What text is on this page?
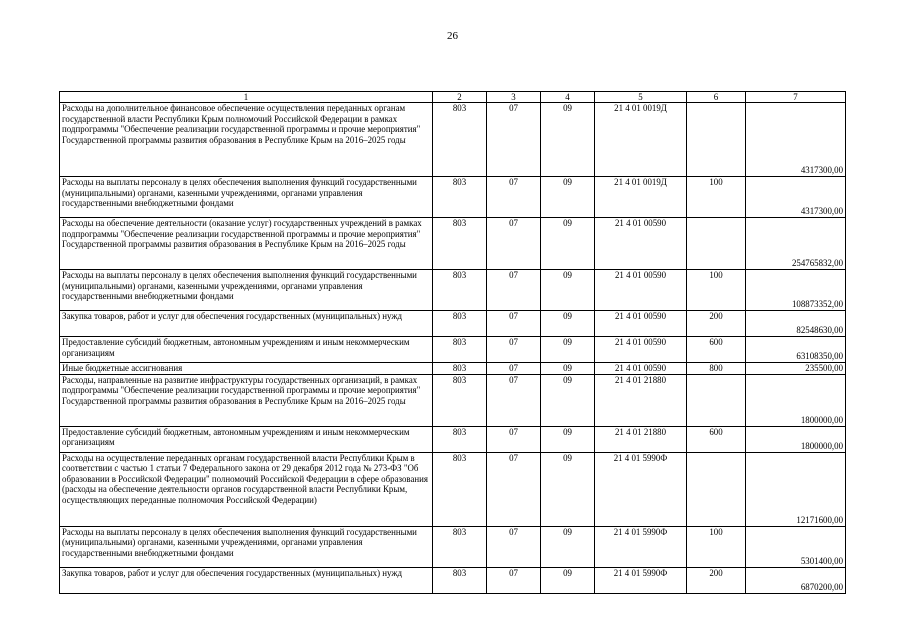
26
1	2	3	4	5	6	7
Расходы на дополнительное финансовое обеспечение осуществления переданных органам государственной власти Республики Крым полномочий Российской Федерации в рамках подпрограммы "Обеспечение реализации государственной программы и прочие мероприятия" Государственной программы развития образования в Республике Крым на 2016–2025 годы	803	07	09	21 4 01 0019Д		4317300,00
Расходы на выплаты персоналу в целях обеспечения выполнения функций государственными (муниципальными) органами, казенными учреждениями, органами управления государственными внебюджетными фондами	803	07	09	21 4 01 0019Д	100	4317300,00
Расходы на обеспечение деятельности (оказание услуг) государственных учреждений в рамках подпрограммы "Обеспечение реализации государственной программы и прочие мероприятия" Государственной программы развития образования в Республике Крым на 2016–2025 годы	803	07	09	21 4 01 00590		254765832,00
Расходы на выплаты персоналу в целях обеспечения выполнения функций государственными (муниципальными) органами, казенными учреждениями, органами управления государственными внебюджетными фондами	803	07	09	21 4 01 00590	100	108873352,00
Закупка товаров, работ и услуг для обеспечения государственных (муниципальных) нужд	803	07	09	21 4 01 00590	200	82548630,00
Предоставление субсидий бюджетным, автономным учреждениям и иным некоммерческим организациям	803	07	09	21 4 01 00590	600	63108350,00
Иные бюджетные ассигнования	803	07	09	21 4 01 00590	800	235500,00
Расходы, направленные на развитие инфраструктуры государственных организаций, в рамках подпрограммы "Обеспечение реализации государственной программы и прочие мероприятия" Государственной программы развития образования в Республике Крым на 2016–2025 годы	803	07	09	21 4 01 21880		1800000,00
Предоставление субсидий бюджетным, автономным учреждениям и иным некоммерческим организациям	803	07	09	21 4 01 21880	600	1800000,00
Расходы на осуществление переданных органам государственной власти Республики Крым в соответствии с частью 1 статьи 7 Федерального закона от 29 декабря 2012 года № 273-ФЗ "Об образовании в Российской Федерации" полномочий Российской Федерации в сфере образования (расходы на обеспечение деятельности органов государственной власти Республики Крым, осуществляющих переданные полномочия Российской Федерации)	803	07	09	21 4 01 5990Ф		12171600,00
Расходы на выплаты персоналу в целях обеспечения выполнения функций государственными (муниципальными) органами, казенными учреждениями, органами управления государственными внебюджетными фондами	803	07	09	21 4 01 5990Ф	100	5301400,00
Закупка товаров, работ и услуг для обеспечения государственных (муниципальных) нужд	803	07	09	21 4 01 5990Ф	200	6870200,00
